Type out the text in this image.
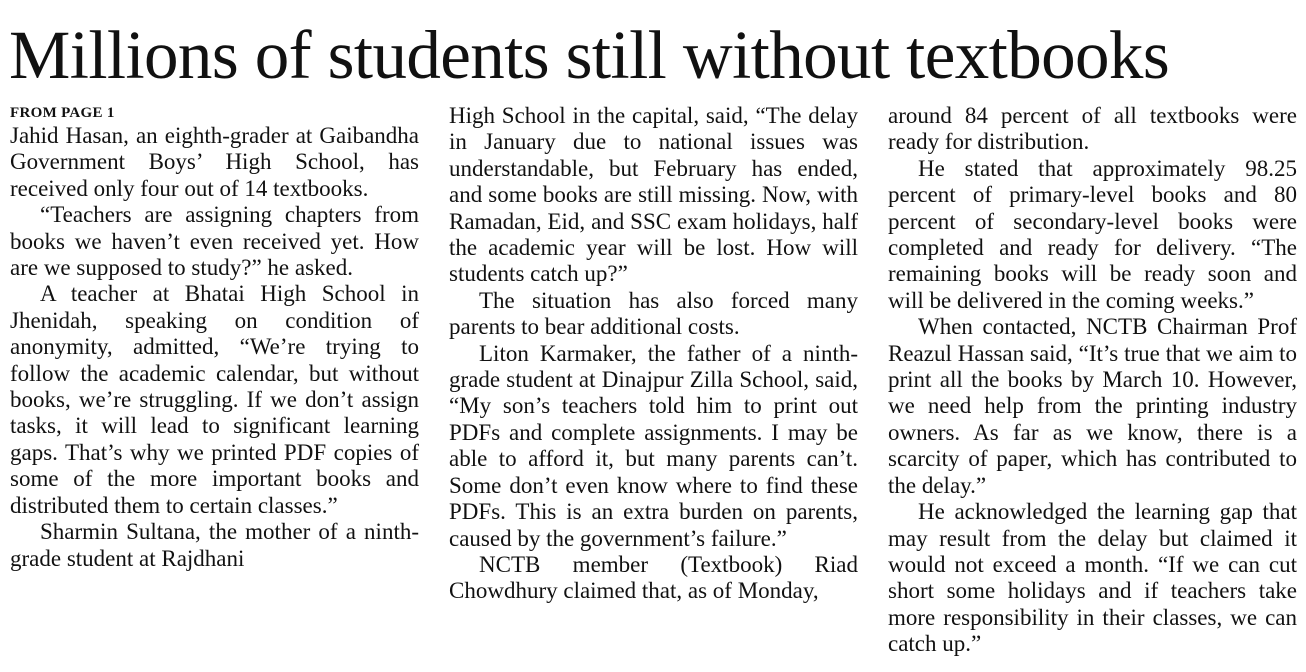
Millions of students still without textbooks
FROM PAGE 1

Jahid Hasan, an eighth-grader at Gaibandha Government Boys’ High School, has received only four out of 14 textbooks.

“Teachers are assigning chapters from books we haven’t even received yet. How are we supposed to study?” he asked.

A teacher at Bhatai High School in Jhenidah, speaking on condition of anonymity, admitted, “We’re trying to follow the academic calendar, but without books, we’re struggling. If we don’t assign tasks, it will lead to significant learning gaps. That’s why we printed PDF copies of some of the more important books and distributed them to certain classes.”

Sharmin Sultana, the mother of a ninth-grade student at Rajdhani

High School in the capital, said, “The delay in January due to national issues was understandable, but February has ended, and some books are still missing. Now, with Ramadan, Eid, and SSC exam holidays, half the academic year will be lost. How will students catch up?”

The situation has also forced many parents to bear additional costs.

Liton Karmaker, the father of a ninth-grade student at Dinajpur Zilla School, said, “My son’s teachers told him to print out PDFs and complete assignments. I may be able to afford it, but many parents can’t. Some don’t even know where to find these PDFs. This is an extra burden on parents, caused by the government’s failure.”

NCTB member (Textbook) Riad Chowdhury claimed that, as of Monday,

around 84 percent of all textbooks were ready for distribution.

He stated that approximately 98.25 percent of primary-level books and 80 percent of secondary-level books were completed and ready for delivery. “The remaining books will be ready soon and will be delivered in the coming weeks.”

When contacted, NCTB Chairman Prof Reazul Hassan said, “It’s true that we aim to print all the books by March 10. However, we need help from the printing industry owners. As far as we know, there is a scarcity of paper, which has contributed to the delay.”

He acknowledged the learning gap that may result from the delay but claimed it would not exceed a month. “If we can cut short some holidays and if teachers take more responsibility in their classes, we can catch up.”
